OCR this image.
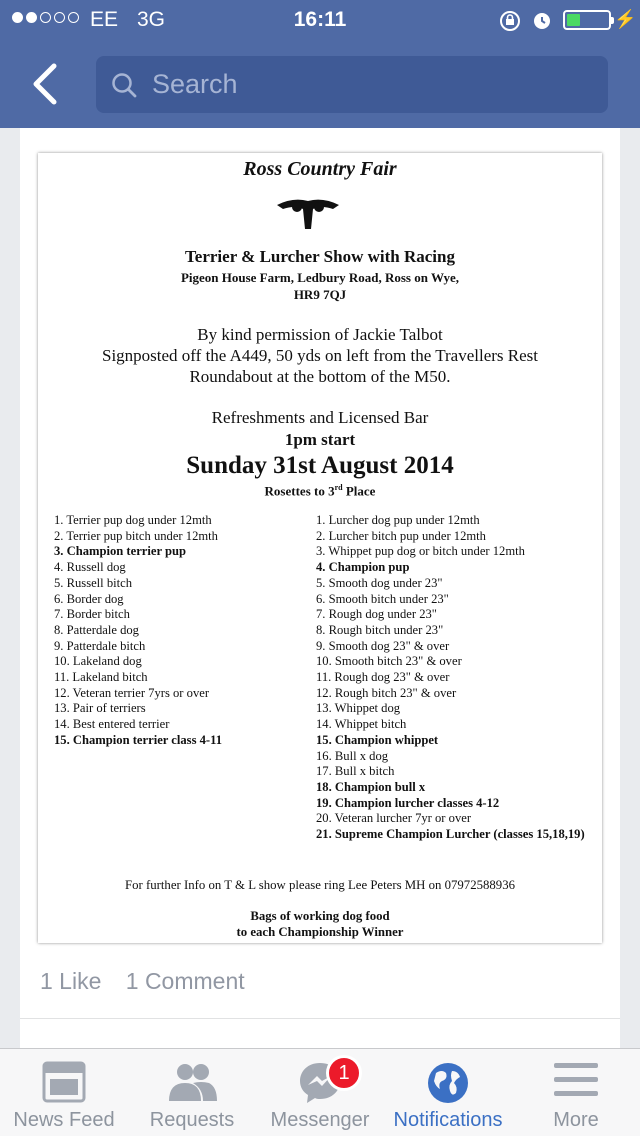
EE 3G	16:11	⚡
Search
Ross Country Fair
R
Terrier & Lurcher Show with Racing
Pigeon House Farm, Ledbury Road, Ross on Wye,
HR9 7QJ
By kind permission of Jackie Talbot
Signposted off the A449, 50 yds on left from the Travellers Rest
Roundabout at the bottom of the M50.
Refreshments and Licensed Bar
1pm start
Sunday 31st August 2014
Rosettes to 3rd Place
1. Terrier pup dog under 12mth
2. Terrier pup bitch under 12mth
3. Champion terrier pup
4. Russell dog
5. Russell bitch
6. Border dog
7. Border bitch
8. Patterdale dog
9. Patterdale bitch
10. Lakeland dog
11. Lakeland bitch
12. Veteran terrier 7yrs or over
13. Pair of terriers
14. Best entered terrier
15. Champion terrier class 4-11
1. Lurcher dog pup under 12mth
2. Lurcher bitch pup under 12mth
3. Whippet pup dog or bitch under 12mth
4. Champion pup
5. Smooth dog under 23"
6. Smooth bitch under 23"
7. Rough dog under 23"
8. Rough bitch under 23"
9. Smooth dog 23" & over
10. Smooth bitch 23" & over
11. Rough dog 23" & over
12. Rough bitch 23" & over
13. Whippet dog
14. Whippet bitch
15. Champion whippet
16. Bull x dog
17. Bull x bitch
18. Champion bull x
19. Champion lurcher classes 4-12
20. Veteran lurcher 7yr or over
21. Supreme Champion Lurcher (classes 15,18,19)
For further Info on T & L show please ring Lee Peters MH on 07972588936
Bags of working dog food
to each Championship Winner
1 Like 1 Comment
News Feed	Requests
1
Messenger	Notifications	More
